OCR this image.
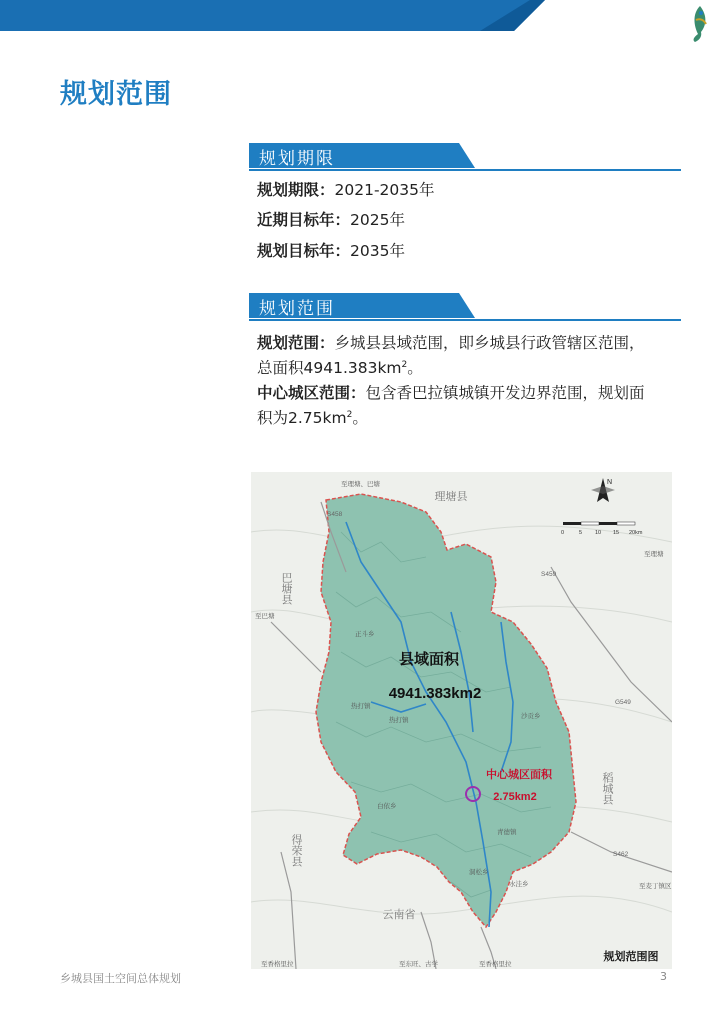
规划范围
规划期限

规划期限：2021-2035年

近期目标年：2025年

规划目标年：2035年

规划范围

规划范围：乡城县县域范围，即乡城县行政管辖区范围，总面积$4941.383km^2$。

中心城区范围：包含香巴拉镇城镇开发边界范围，规划面积为$2.75km^2$。

理塘县
巴塘县
稻城县
得荣县
云南省
至理塘、巴塘
至巴塘
至理塘
至麦丁镇区
至香格里拉	至东旺、古学	至香格里拉
正斗乡
热打镇
热打镇
白依乡
青德镇
洞松乡
沙贡乡
水洼乡
S458
S459
G549
S462
县域面积
4941.383km2
中心城区面积
2.75km2
N
0	5 10 15 20km
规划范围图
乡城县国土空间总体规划	3
